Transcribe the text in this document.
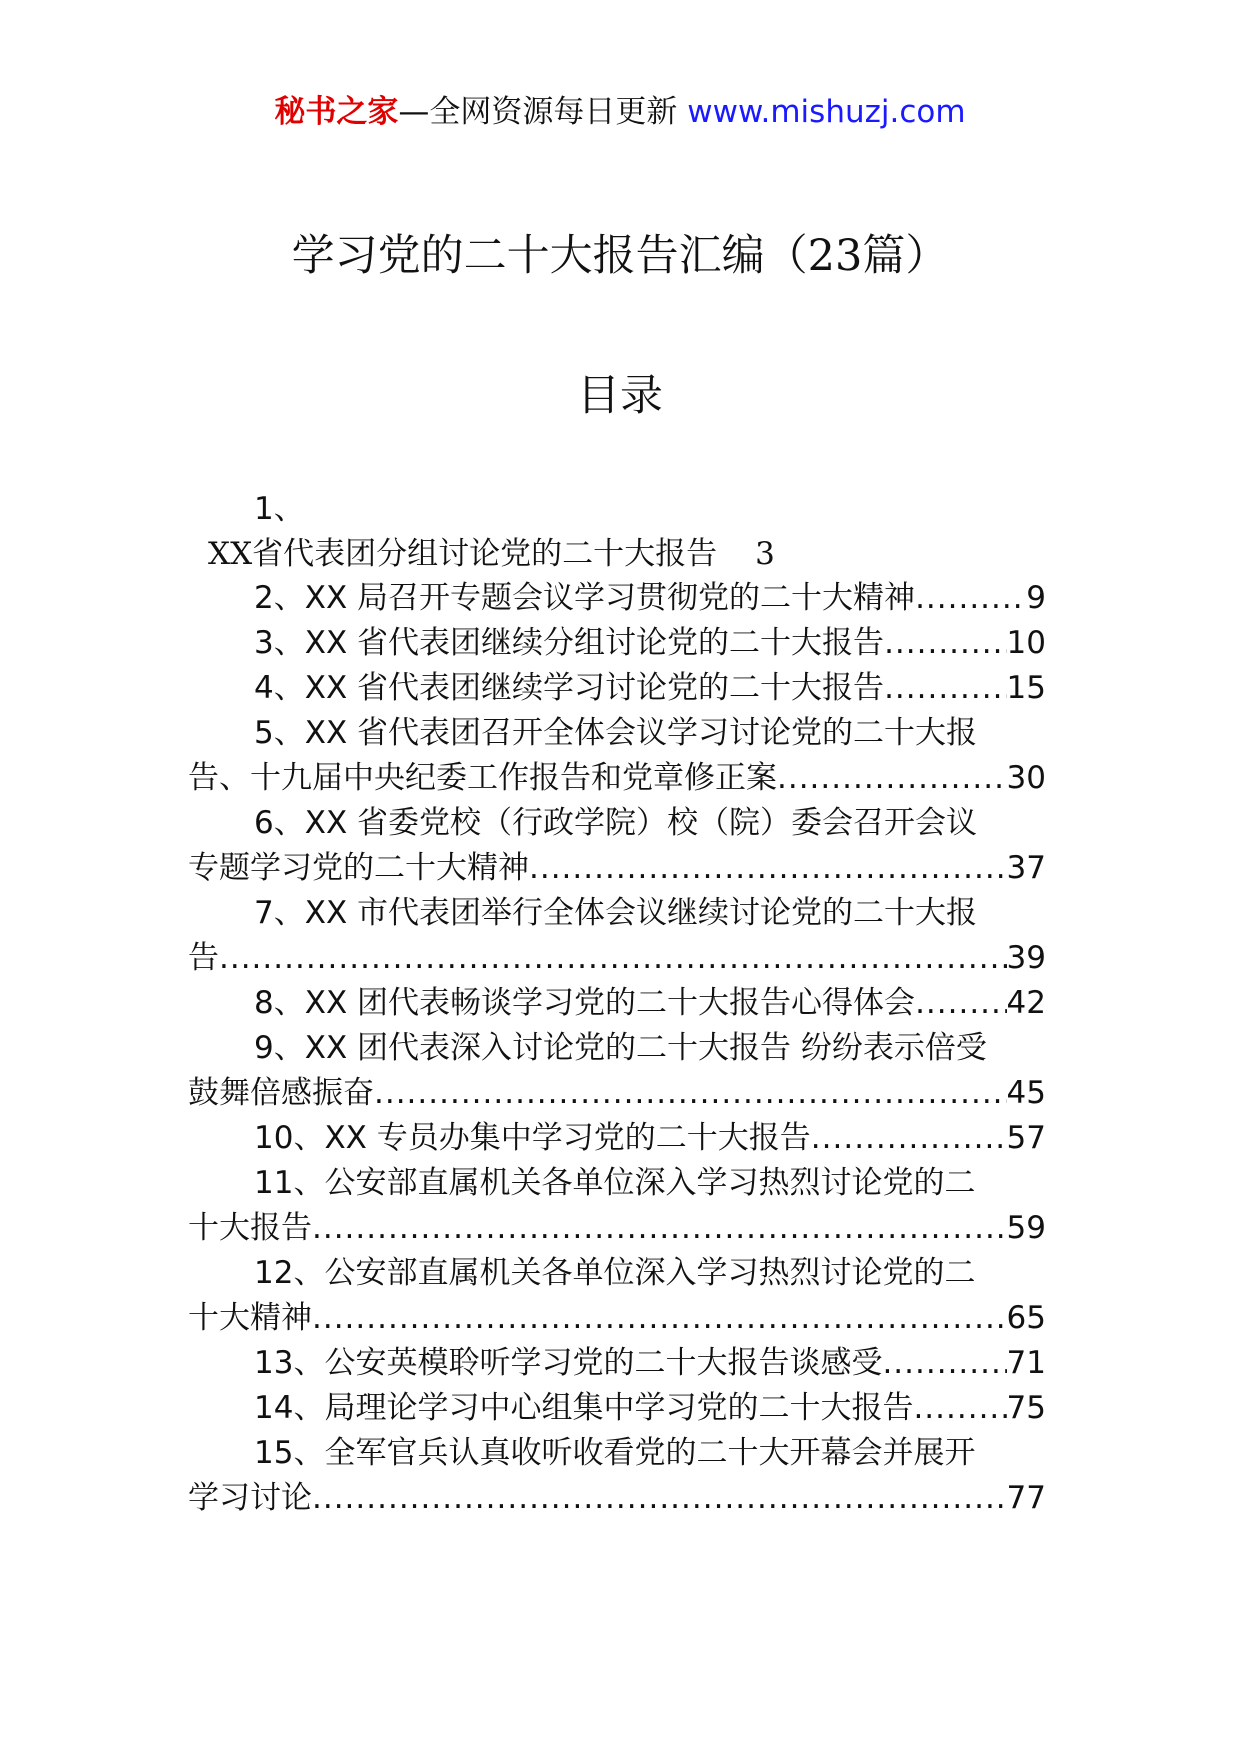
秘书之家—全网资源每日更新 www.mishuzj.com
学习党的二十大报告汇编（23篇）
目录
1、
XX省代表团分组讨论党的二十大报告 3
2、XX 局召开专题会议学习贯彻党的二十大精神 .....	9
3、XX 省代表团继续分组讨论党的二十大报告 .....	10
4、XX 省代表团继续学习讨论党的二十大报告 .....	15
5、XX 省代表团召开全体会议学习讨论党的二十大报
告、十九届中央纪委工作报告和党章修正案 .....	30
6、XX 省委党校（行政学院）校（院）委会召开会议
专题学习党的二十大精神 .....	37
7、XX 市代表团举行全体会议继续讨论党的二十大报
告 .....	39
8、XX 团代表畅谈学习党的二十大报告心得体会 .....	42
9、XX 团代表深入讨论党的二十大报告 纷纷表示倍受
鼓舞倍感振奋 .....	45
10、XX 专员办集中学习党的二十大报告 .....	57
11、公安部直属机关各单位深入学习热烈讨论党的二
十大报告 .....	59
12、公安部直属机关各单位深入学习热烈讨论党的二
十大精神 .....	65
13、公安英模聆听学习党的二十大报告谈感受 .....	71
14、局理论学习中心组集中学习党的二十大报告 .....	75
15、全军官兵认真收听收看党的二十大开幕会并展开
学习讨论 .....	77
